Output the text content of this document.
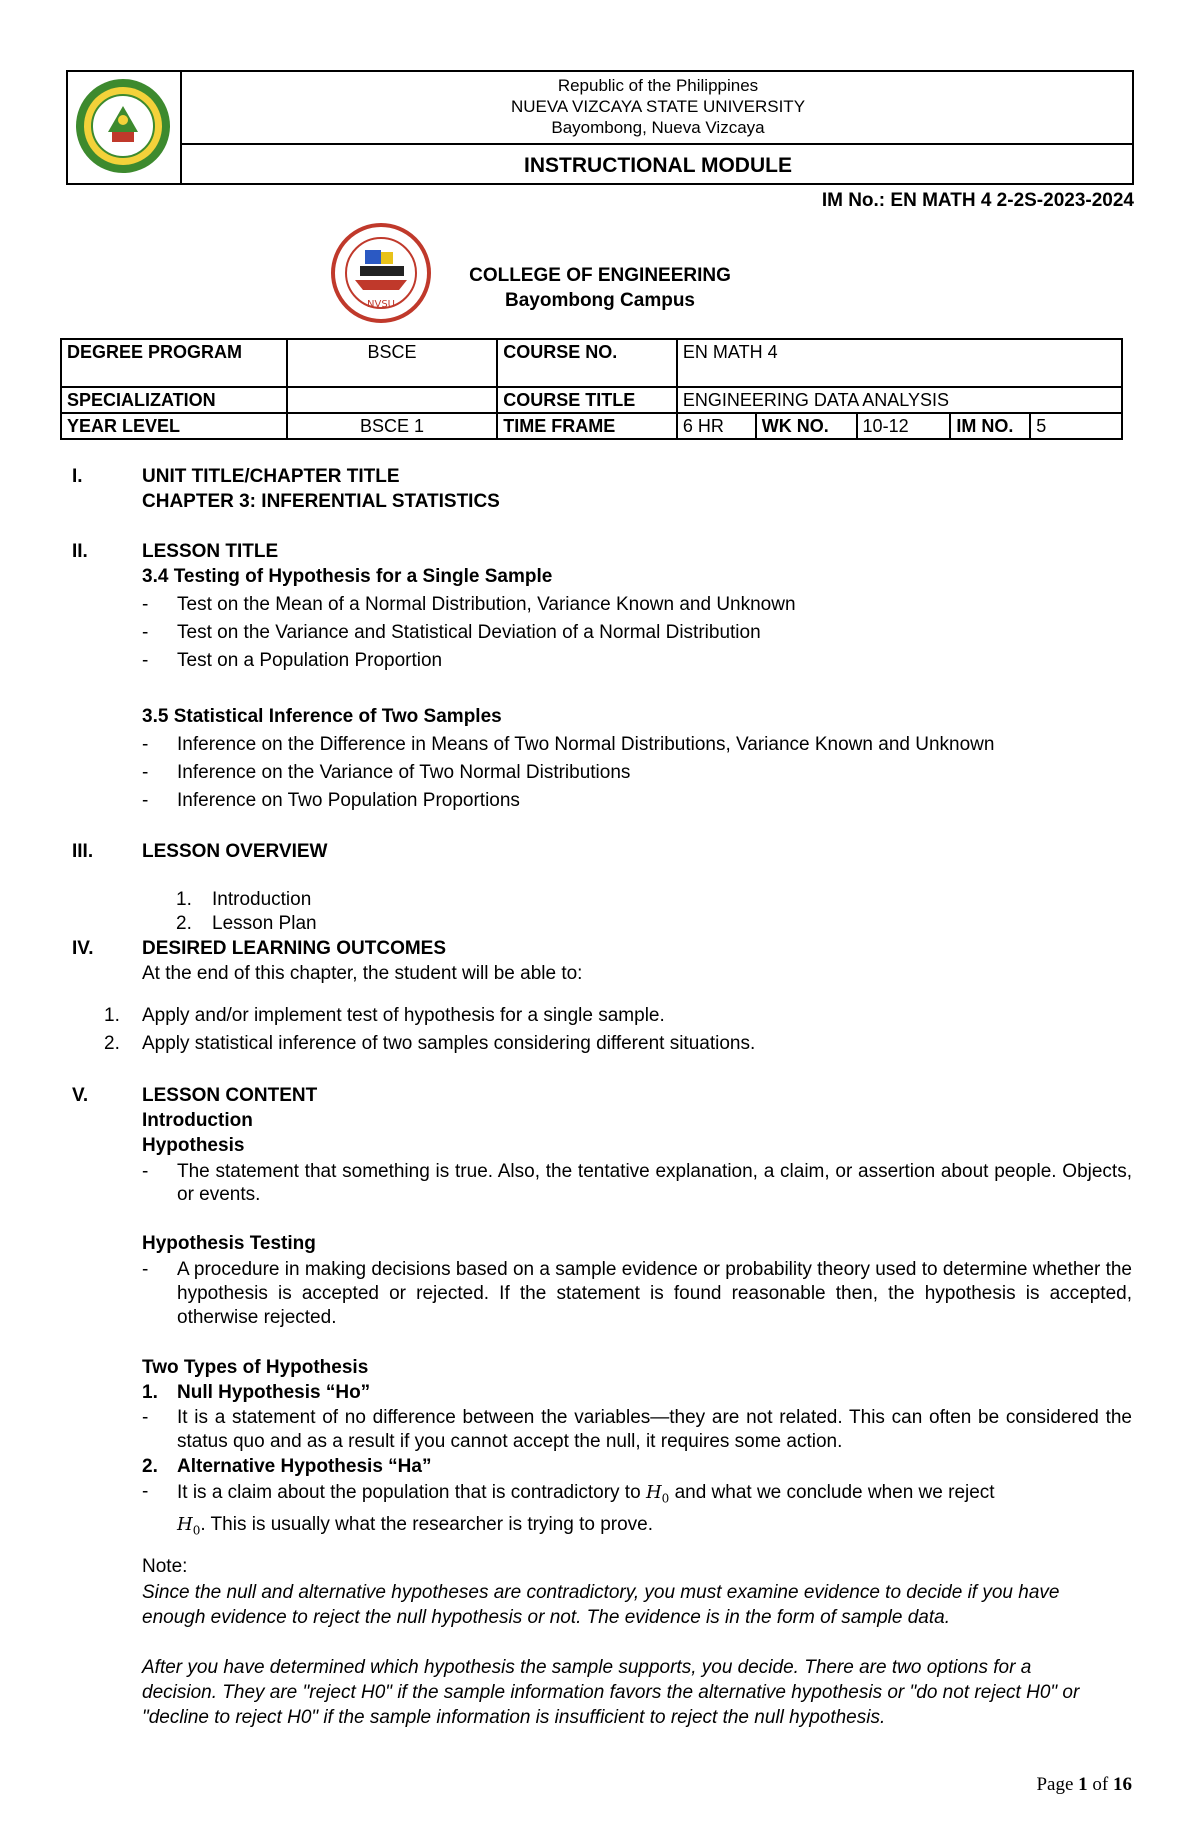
Republic of the Philippines
NUEVA VIZCAYA STATE UNIVERSITY
Bayombong, Nueva Vizcaya
INSTRUCTIONAL MODULE
IM No.: EN MATH 4 2-2S-2023-2024
NVSU
COLLEGE OF ENGINEERING
Bayombong Campus
DEGREE PROGRAM	BSCE	COURSE NO.	EN MATH 4				
SPECIALIZATION		COURSE TITLE	ENGINEERING DATA ANALYSIS				
YEAR LEVEL	BSCE 1	TIME FRAME	6 HR	WK NO.	10-12	IM NO.	5
I.	UNIT TITLE/CHAPTER TITLE
CHAPTER 3: INFERENTIAL STATISTICS
II.	LESSON TITLE
3.4 Testing of Hypothesis for a Single Sample
- Test on the Mean of a Normal Distribution, Variance Known and Unknown
- Test on the Variance and Statistical Deviation of a Normal Distribution
- Test on a Population Proportion
3.5 Statistical Inference of Two Samples
- Inference on the Difference in Means of Two Normal Distributions, Variance Known and Unknown
- Inference on the Variance of Two Normal Distributions
- Inference on Two Population Proportions
III.	LESSON OVERVIEW
1. Introduction
2. Lesson Plan
IV.	DESIRED LEARNING OUTCOMES
At the end of this chapter, the student will be able to:
1. Apply and/or implement test of hypothesis for a single sample.
2. Apply statistical inference of two samples considering different situations.
V.	LESSON CONTENT
Introduction
Hypothesis
- The statement that something is true. Also, the tentative explanation, a claim, or assertion about people. Objects, or events.
Hypothesis Testing
- A procedure in making decisions based on a sample evidence or probability theory used to determine whether the hypothesis is accepted or rejected. If the statement is found reasonable then, the hypothesis is accepted, otherwise rejected.
Two Types of Hypothesis
1. Null Hypothesis “Ho”
- It is a statement of no difference between the variables—they are not related. This can often be considered the status quo and as a result if you cannot accept the null, it requires some action.
2. Alternative Hypothesis “Ha”
- It is a claim about the population that is contradictory to $H_0$ and what we conclude when we reject
$H_0$. This is usually what the researcher is trying to prove.
Note:
Since the null and alternative hypotheses are contradictory, you must examine evidence to decide if you have enough evidence to reject the null hypothesis or not. The evidence is in the form of sample data.
After you have determined which hypothesis the sample supports, you decide. There are two options for a decision. They are "reject H0" if the sample information favors the alternative hypothesis or "do not reject H0" or "decline to reject H0" if the sample information is insufficient to reject the null hypothesis.
Page 1 of 16
